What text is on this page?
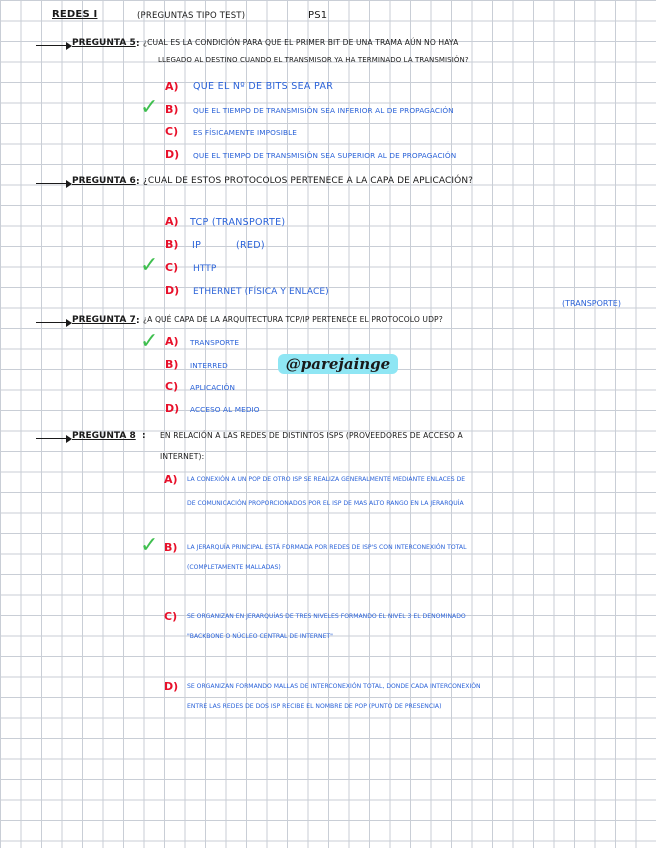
REDES I	(PREGUNTAS TIPO TEST)	PS1
PREGUNTA 5 : ¿CUAL ES LA CONDICIÓN PARA QUE EL PRIMER BIT DE UNA TRAMA AÚN NO HAYA
LLEGADO AL DESTINO CUANDO EL TRANSMISOR YA HA TERMINADO LA TRANSMISIÓN?
A) QUE EL Nº DE BITS SEA PAR
✓ B) QUE EL TIEMPO DE TRANSMISIÓN SEA INFERIOR AL DE PROPAGACIÓN
C) ES FÍSICAMENTE IMPOSIBLE
D) QUE EL TIEMPO DE TRANSMISIÓN SEA SUPERIOR AL DE PROPAGACIÓN
PREGUNTA 6 : ¿CUAL DE ESTOS PROTOCOLOS PERTENECE A LA CAPA DE APLICACIÓN?
A) TCP (TRANSPORTE)
B) IP	(RED)
✓ C) HTTP
D) ETHERNET (FÍSICA Y ENLACE)
(TRANSPORTE)
PREGUNTA 7 : ¿A QUÉ CAPA DE LA ARQUITECTURA TCP/IP PERTENECE EL PROTOCOLO UDP?
✓ A) TRANSPORTE
B) INTERRED
C) APLICACIÓN
D) ACCESO AL MEDIO
@parejainge
PREGUNTA 8 : EN RELACIÓN A LAS REDES DE DISTINTOS ISPS (PROVEEDORES DE ACCESO A
INTERNET):
A) LA CONEXIÓN A UN POP DE OTRO ISP SE REALIZA GENERALMENTE MEDIANTE ENLACES DE
DE COMUNICACIÓN PROPORCIONADOS POR EL ISP DE MAS ALTO RANGO EN LA JERARQUÍA
✓ B) LA JERARQUÍA PRINCIPAL ESTÁ FORMADA POR REDES DE ISP'S CON INTERCONEXIÓN TOTAL
(COMPLETAMENTE MALLADAS)
C) SE ORGANIZAN EN JERARQUÍAS DE TRES NIVELES FORMANDO EL NIVEL 3 EL DENOMINADO
"BACKBONE O NÚCLEO CENTRAL DE INTERNET"
D) SE ORGANIZAN FORMANDO MALLAS DE INTERCONEXIÓN TOTAL, DONDE CADA INTERCONEXIÓN
ENTRE LAS REDES DE DOS ISP RECIBE EL NOMBRE DE POP (PUNTO DE PRESENCIA)
